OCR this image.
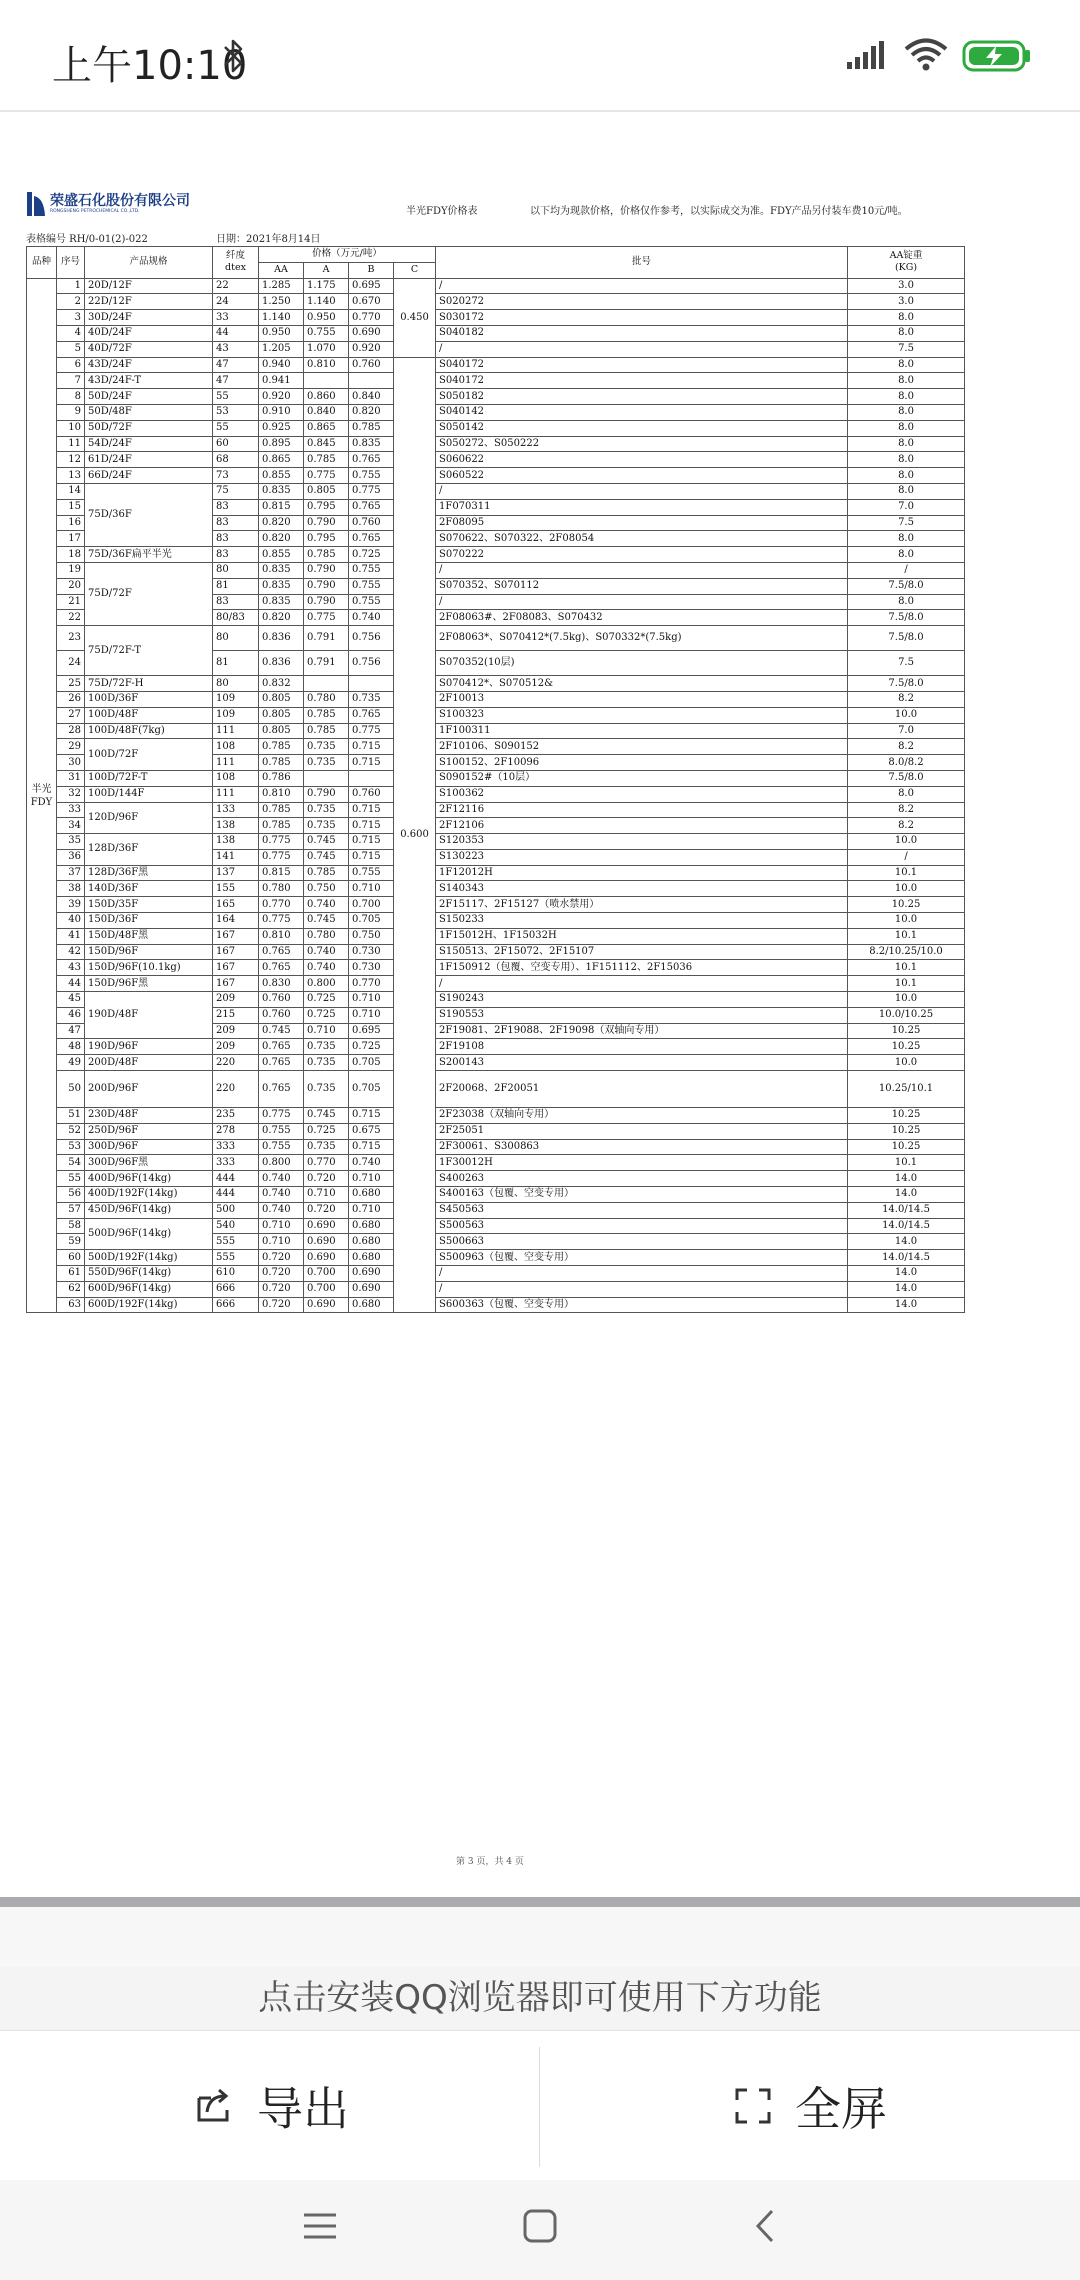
上午10:10
荣盛石化股份有限公司
RONGSHENG PETROCHEMICAL CO.,LTD.	半光FDY价格表	以下均为现款价格，价格仅作参考，以实际成交为准。FDY产品另付装车费10元/吨。
表格编号 RH/0-01(2)-022	日期：2021年8月14日
品种	序号	产品规格	纤度
dtex	价格（万元/吨）				批号	AA锭重
(KG)
				AA	A	B	C		
半光
FDY	1	20D/12F	22	1.285	1.175	0.695	0.450	/	3.0
	2	22D/12F	24	1.250	1.140	0.670		S020272	3.0
	3	30D/24F	33	1.140	0.950	0.770		S030172	8.0
	4	40D/24F	44	0.950	0.755	0.690		S040182	8.0
	5	40D/72F	43	1.205	1.070	0.920		/	7.5
	6	43D/24F	47	0.940	0.810	0.760	0.600	S040172	8.0
	7	43D/24F-T	47	0.941				S040172	8.0
	8	50D/24F	55	0.920	0.860	0.840		S050182	8.0
	9	50D/48F	53	0.910	0.840	0.820		S040142	8.0
	10	50D/72F	55	0.925	0.865	0.785		S050142	8.0
	11	54D/24F	60	0.895	0.845	0.835		S050272、S050222	8.0
	12	61D/24F	68	0.865	0.785	0.765		S060622	8.0
	13	66D/24F	73	0.855	0.775	0.755		S060522	8.0
	14	75D/36F	75	0.835	0.805	0.775		/	8.0
	15		83	0.815	0.795	0.765		1F070311	7.0
	16		83	0.820	0.790	0.760		2F08095	7.5
	17		83	0.820	0.795	0.765		S070622、S070322、2F08054	8.0
	18	75D/36F扁平半光	83	0.855	0.785	0.725		S070222	8.0
	19	75D/72F	80	0.835	0.790	0.755		/	/
	20		81	0.835	0.790	0.755		S070352、S070112	7.5/8.0
	21		83	0.835	0.790	0.755		/	8.0
	22		80/83	0.820	0.775	0.740		2F08063#、2F08083、S070432	7.5/8.0
	23	75D/72F-T	80	0.836	0.791	0.756		2F08063*、S070412*(7.5kg)、S070332*(7.5kg)	7.5/8.0
	24		81	0.836	0.791	0.756		S070352(10层)	7.5
	25	75D/72F-H	80	0.832				S070412*、S070512&	7.5/8.0
	26	100D/36F	109	0.805	0.780	0.735		2F10013	8.2
	27	100D/48F	109	0.805	0.785	0.765		S100323	10.0
	28	100D/48F(7kg)	111	0.805	0.785	0.775		1F100311	7.0
	29	100D/72F	108	0.785	0.735	0.715		2F10106、S090152	8.2
	30		111	0.785	0.735	0.715		S100152、2F10096	8.0/8.2
	31	100D/72F-T	108	0.786				S090152#（10层）	7.5/8.0
	32	100D/144F	111	0.810	0.790	0.760		S100362	8.0
	33	120D/96F	133	0.785	0.735	0.715		2F12116	8.2
	34		138	0.785	0.735	0.715		2F12106	8.2
	35	128D/36F	138	0.775	0.745	0.715		S120353	10.0
	36		141	0.775	0.745	0.715		S130223	/
	37	128D/36F黑	137	0.815	0.785	0.755		1F12012H	10.1
	38	140D/36F	155	0.780	0.750	0.710		S140343	10.0
	39	150D/35F	165	0.770	0.740	0.700		2F15117、2F15127（喷水禁用）	10.25
	40	150D/36F	164	0.775	0.745	0.705		S150233	10.0
	41	150D/48F黑	167	0.810	0.780	0.750		1F15012H、1F15032H	10.1
	42	150D/96F	167	0.765	0.740	0.730		S150513、2F15072、2F15107	8.2/10.25/10.0
	43	150D/96F(10.1kg)	167	0.765	0.740	0.730		1F150912（包覆、空变专用）、1F151112、2F15036	10.1
	44	150D/96F黑	167	0.830	0.800	0.770		/	10.1
	45	190D/48F	209	0.760	0.725	0.710		S190243	10.0
	46		215	0.760	0.725	0.710		S190553	10.0/10.25
	47		209	0.745	0.710	0.695		2F19081、2F19088、2F19098（双轴向专用）	10.25
	48	190D/96F	209	0.765	0.735	0.725		2F19108	10.25
	49	200D/48F	220	0.765	0.735	0.705		S200143	10.0
	50	200D/96F	220	0.765	0.735	0.705		2F20068、2F20051	10.25/10.1
	51	230D/48F	235	0.775	0.745	0.715		2F23038（双轴向专用）	10.25
	52	250D/96F	278	0.755	0.725	0.675		2F25051	10.25
	53	300D/96F	333	0.755	0.735	0.715		2F30061、S300863	10.25
	54	300D/96F黑	333	0.800	0.770	0.740		1F30012H	10.1
	55	400D/96F(14kg)	444	0.740	0.720	0.710		S400263	14.0
	56	400D/192F(14kg)	444	0.740	0.710	0.680		S400163（包覆、空变专用）	14.0
	57	450D/96F(14kg)	500	0.740	0.720	0.710		S450563	14.0/14.5
	58	500D/96F(14kg)	540	0.710	0.690	0.680		S500563	14.0/14.5
	59		555	0.710	0.690	0.680		S500663	14.0
	60	500D/192F(14kg)	555	0.720	0.690	0.680		S500963（包覆、空变专用）	14.0/14.5
	61	550D/96F(14kg)	610	0.720	0.700	0.690		/	14.0
	62	600D/96F(14kg)	666	0.720	0.700	0.690		/	14.0
	63	600D/192F(14kg)	666	0.720	0.690	0.680		S600363（包覆、空变专用）	14.0
第 3 页，共 4 页
点击安装QQ浏览器即可使用下方功能
导出	全屏
